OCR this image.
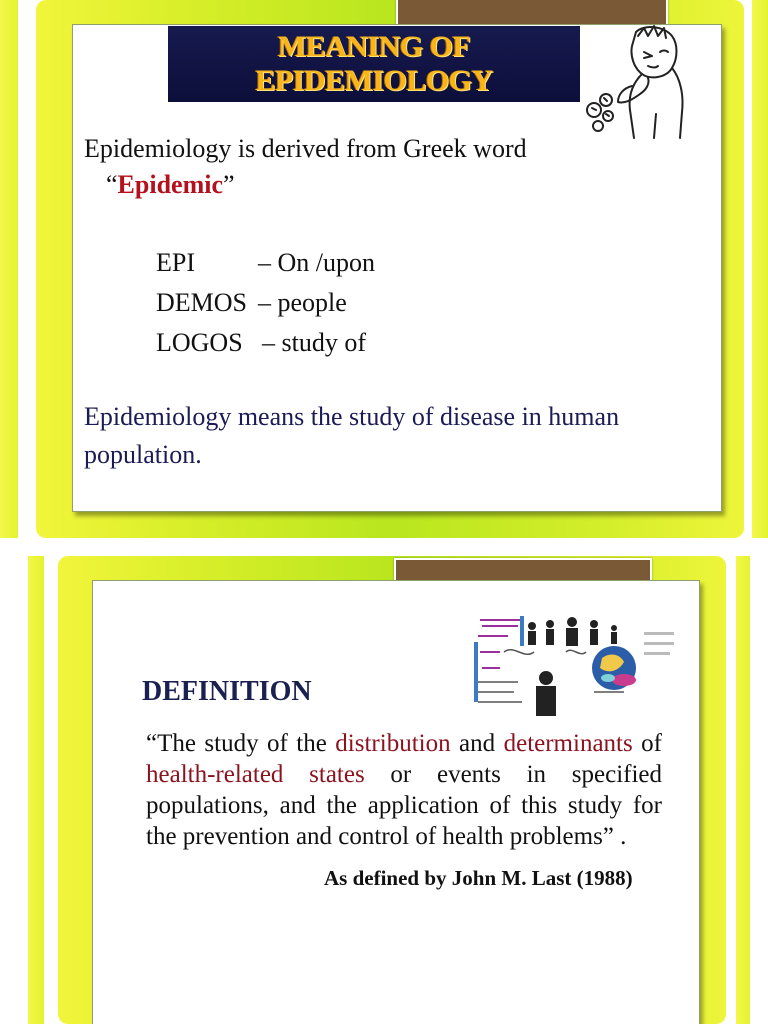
MEANING OF
EPIDEMIOLOGY
Epidemiology is derived from Greek word
“Epidemic”
EPI – On /upon
DEMOS – people
LOGOS – study of
Epidemiology means the study of disease in human
population.
DEFINITION
“The study of the distribution and determinants of health-related states or events in specified populations, and the application of this study for the prevention and control of health problems” .
As defined by John M. Last (1988)
